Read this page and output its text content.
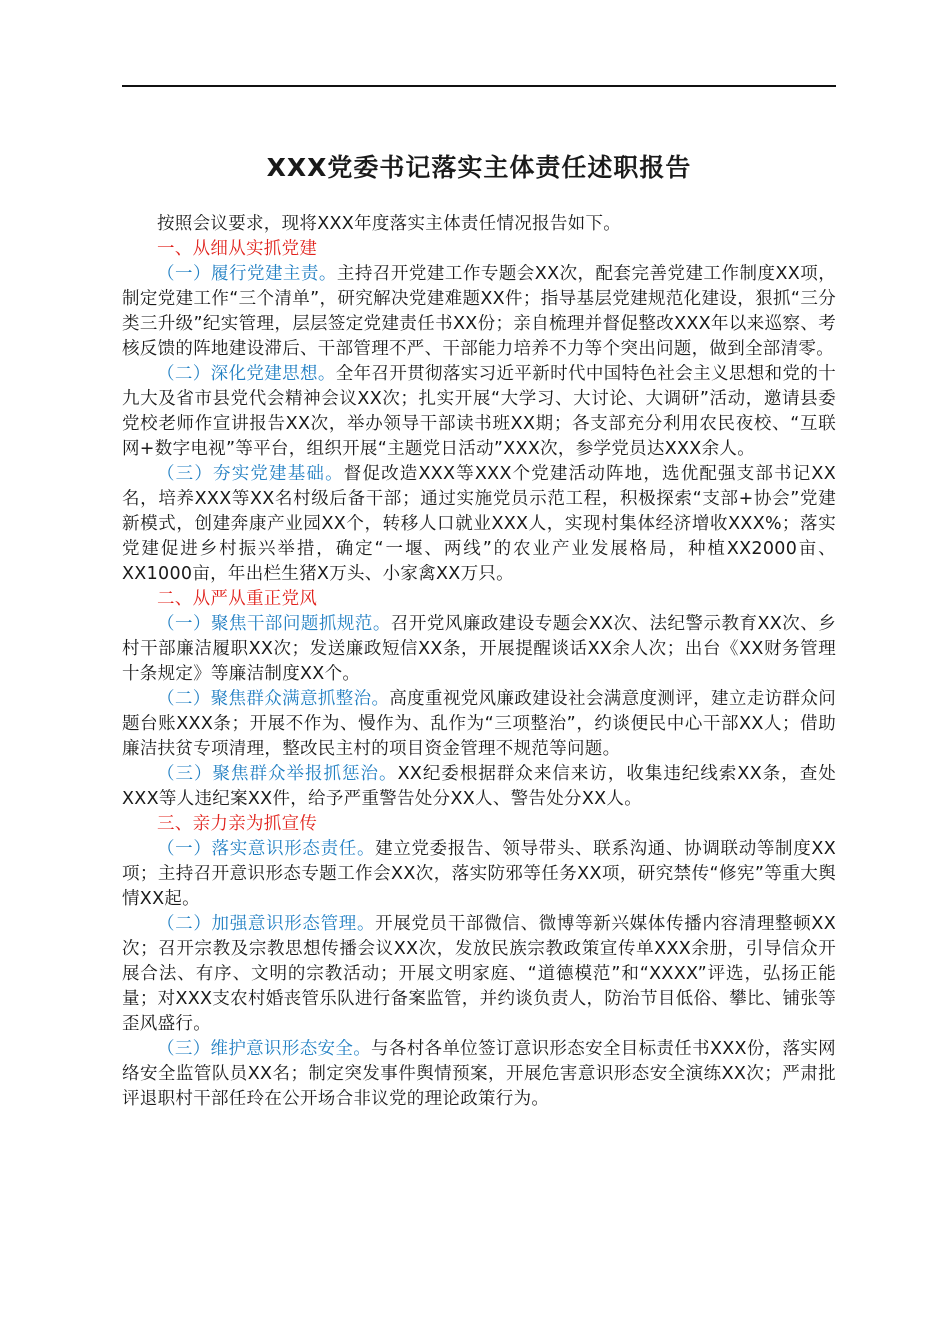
XXX党委书记落实主体责任述职报告

按照会议要求，现将XXX年度落实主体责任情况报告如下。

一、从细从实抓党建

（一）履行党建主责。主持召开党建工作专题会XX次，配套完善党建工作制度XX项，制定党建工作“三个清单”，研究解决党建难题XX件；指导基层党建规范化建设，狠抓“三分类三升级”纪实管理，层层签定党建责任书XX份；亲自梳理并督促整改XXX年以来巡察、考核反馈的阵地建设滞后、干部管理不严、干部能力培养不力等个突出问题，做到全部清零。

（二）深化党建思想。全年召开贯彻落实习近平新时代中国特色社会主义思想和党的十九大及省市县党代会精神会议XX次；扎实开展“大学习、大讨论、大调研”活动，邀请县委党校老师作宣讲报告XX次，举办领导干部读书班XX期；各支部充分利用农民夜校、“互联网+数字电视”等平台，组织开展“主题党日活动”XXX次，参学党员达XXX余人。

（三）夯实党建基础。督促改造XXX等XXX个党建活动阵地，选优配强支部书记XX名，培养XXX等XX名村级后备干部；通过实施党员示范工程，积极探索“支部+协会”党建新模式，创建奔康产业园XX个，转移人口就业XXX人，实现村集体经济增收XXX%；落实党建促进乡村振兴举措，确定“一堰、两线”的农业产业发展格局，种植XX2000亩、XX1000亩，年出栏生猪X万头、小家禽XX万只。

二、从严从重正党风

（一）聚焦干部问题抓规范。召开党风廉政建设专题会XX次、法纪警示教育XX次、乡村干部廉洁履职XX次；发送廉政短信XX条，开展提醒谈话XX余人次；出台《XX财务管理十条规定》等廉洁制度XX个。

（二）聚焦群众满意抓整治。高度重视党风廉政建设社会满意度测评，建立走访群众问题台账XXX条；开展不作为、慢作为、乱作为“三项整治”，约谈便民中心干部XX人；借助廉洁扶贫专项清理，整改民主村的项目资金管理不规范等问题。

（三）聚焦群众举报抓惩治。XX纪委根据群众来信来访，收集违纪线索XX条，查处XXX等人违纪案XX件，给予严重警告处分XX人、警告处分XX人。

三、亲力亲为抓宣传

（一）落实意识形态责任。建立党委报告、领导带头、联系沟通、协调联动等制度XX项；主持召开意识形态专题工作会XX次，落实防邪等任务XX项，研究禁传“修宪”等重大舆情XX起。

（二）加强意识形态管理。开展党员干部微信、微博等新兴媒体传播内容清理整顿XX次；召开宗教及宗教思想传播会议XX次，发放民族宗教政策宣传单XXX余册，引导信众开展合法、有序、文明的宗教活动；开展文明家庭、“道德模范”和“XXXX”评选，弘扬正能量；对XXX支农村婚丧管乐队进行备案监管，并约谈负责人，防治节目低俗、攀比、铺张等歪风盛行。

（三）维护意识形态安全。与各村各单位签订意识形态安全目标责任书XXX份，落实网络安全监管队员XX名；制定突发事件舆情预案，开展危害意识形态安全演练XX次；严肃批评退职村干部任玲在公开场合非议党的理论政策行为。
